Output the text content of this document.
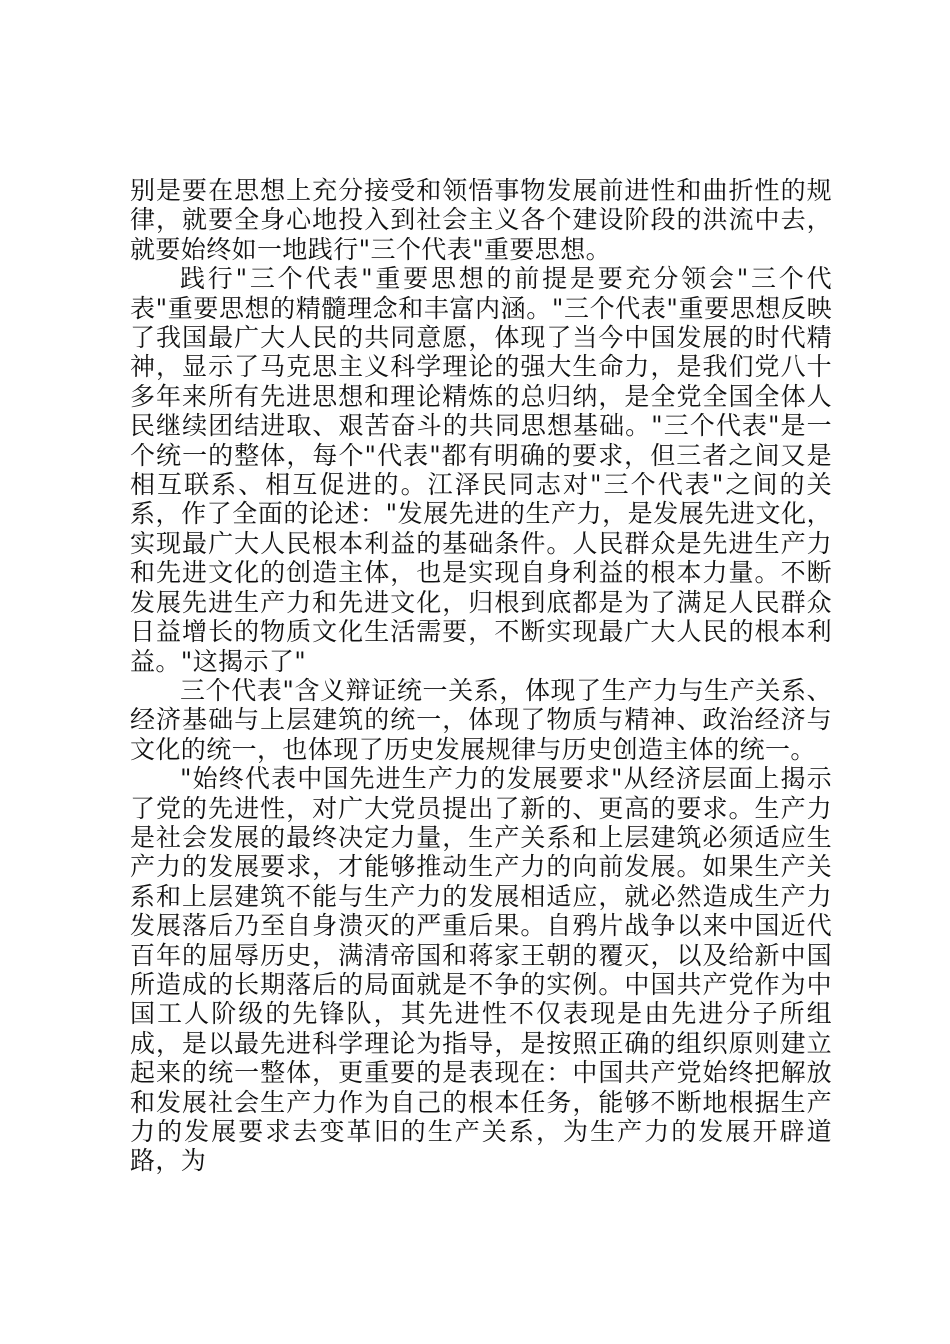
别是要在思想上充分接受和领悟事物发展前进性和曲折性的规律，就要全身心地投入到社会主义各个建设阶段的洪流中去，就要始终如一地践行"三个代表"重要思想。

践行"三个代表"重要思想的前提是要充分领会"三个代表"重要思想的精髓理念和丰富内涵。"三个代表"重要思想反映了我国最广大人民的共同意愿，体现了当今中国发展的时代精神，显示了马克思主义科学理论的强大生命力，是我们党八十多年来所有先进思想和理论精炼的总归纳，是全党全国全体人民继续团结进取、艰苦奋斗的共同思想基础。"三个代表"是一个统一的整体，每个"代表"都有明确的要求，但三者之间又是相互联系、相互促进的。江泽民同志对"三个代表"之间的关系，作了全面的论述："发展先进的生产力，是发展先进文化，实现最广大人民根本利益的基础条件。人民群众是先进生产力和先进文化的创造主体，也是实现自身利益的根本力量。不断发展先进生产力和先进文化，归根到底都是为了满足人民群众日益增长的物质文化生活需要，不断实现最广大人民的根本利益。"这揭示了"

三个代表"含义辩证统一关系，体现了生产力与生产关系、经济基础与上层建筑的统一，体现了物质与精神、政治经济与文化的统一，也体现了历史发展规律与历史创造主体的统一。

"始终代表中国先进生产力的发展要求"从经济层面上揭示了党的先进性，对广大党员提出了新的、更高的要求。生产力是社会发展的最终决定力量，生产关系和上层建筑必须适应生产力的发展要求，才能够推动生产力的向前发展。如果生产关系和上层建筑不能与生产力的发展相适应，就必然造成生产力发展落后乃至自身溃灭的严重后果。自鸦片战争以来中国近代百年的屈辱历史，满清帝国和蒋家王朝的覆灭，以及给新中国所造成的长期落后的局面就是不争的实例。中国共产党作为中国工人阶级的先锋队，其先进性不仅表现是由先进分子所组成，是以最先进科学理论为指导，是按照正确的组织原则建立起来的统一整体，更重要的是表现在：中国共产党始终把解放和发展社会生产力作为自己的根本任务，能够不断地根据生产力的发展要求去变革旧的生产关系，为生产力的发展开辟道路，为
